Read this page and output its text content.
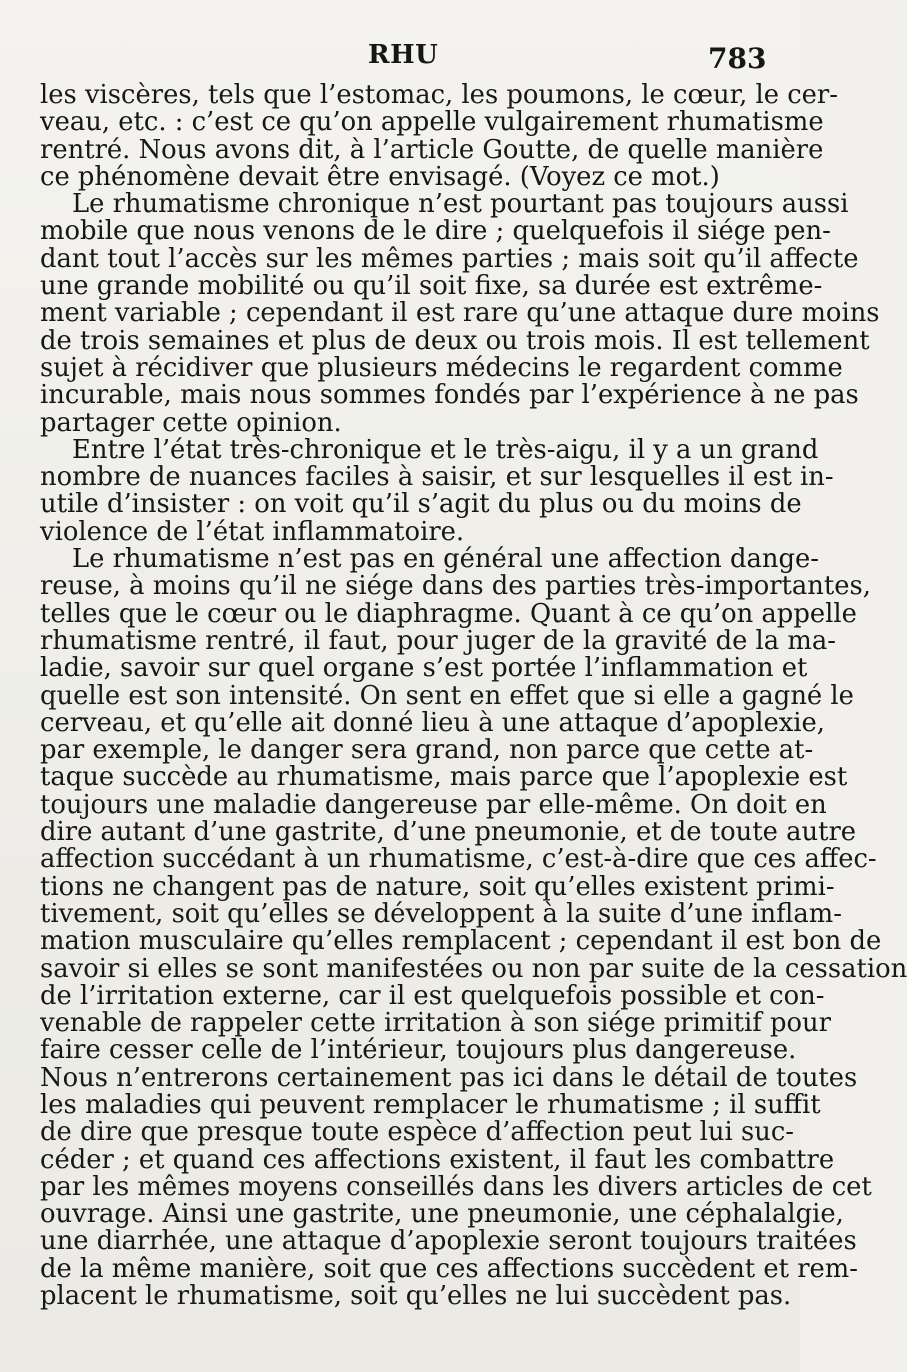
RHU	783
les viscères, tels que l’estomac, les poumons, le cœur, le cer-
veau, etc. : c’est ce qu’on appelle vulgairement rhumatisme
rentré. Nous avons dit, à l’article Goutte, de quelle manière
ce phénomène devait être envisagé. (Voyez ce mot.)
Le rhumatisme chronique n’est pourtant pas toujours aussi
mobile que nous venons de le dire ; quelquefois il siége pen-
dant tout l’accès sur les mêmes parties ; mais soit qu’il affecte
une grande mobilité ou qu’il soit fixe, sa durée est extrême-
ment variable ; cependant il est rare qu’une attaque dure moins
de trois semaines et plus de deux ou trois mois. Il est tellement
sujet à récidiver que plusieurs médecins le regardent comme
incurable, mais nous sommes fondés par l’expérience à ne pas
partager cette opinion.
Entre l’état très-chronique et le très-aigu, il y a un grand
nombre de nuances faciles à saisir, et sur lesquelles il est in-
utile d’insister : on voit qu’il s’agit du plus ou du moins de
violence de l’état inflammatoire.
Le rhumatisme n’est pas en général une affection dange-
reuse, à moins qu’il ne siége dans des parties très-importantes,
telles que le cœur ou le diaphragme. Quant à ce qu’on appelle
rhumatisme rentré, il faut, pour juger de la gravité de la ma-
ladie, savoir sur quel organe s’est portée l’inflammation et
quelle est son intensité. On sent en effet que si elle a gagné le
cerveau, et qu’elle ait donné lieu à une attaque d’apoplexie,
par exemple, le danger sera grand, non parce que cette at-
taque succède au rhumatisme, mais parce que l’apoplexie est
toujours une maladie dangereuse par elle-même. On doit en
dire autant d’une gastrite, d’une pneumonie, et de toute autre
affection succédant à un rhumatisme, c’est-à-dire que ces affec-
tions ne changent pas de nature, soit qu’elles existent primi-
tivement, soit qu’elles se développent à la suite d’une inflam-
mation musculaire qu’elles remplacent ; cependant il est bon de
savoir si elles se sont manifestées ou non par suite de la cessation
de l’irritation externe, car il est quelquefois possible et con-
venable de rappeler cette irritation à son siége primitif pour
faire cesser celle de l’intérieur, toujours plus dangereuse.
Nous n’entrerons certainement pas ici dans le détail de toutes
les maladies qui peuvent remplacer le rhumatisme ; il suffit
de dire que presque toute espèce d’affection peut lui suc-
céder ; et quand ces affections existent, il faut les combattre
par les mêmes moyens conseillés dans les divers articles de cet
ouvrage. Ainsi une gastrite, une pneumonie, une céphalalgie,
une diarrhée, une attaque d’apoplexie seront toujours traitées
de la même manière, soit que ces affections succèdent et rem-
placent le rhumatisme, soit qu’elles ne lui succèdent pas.
